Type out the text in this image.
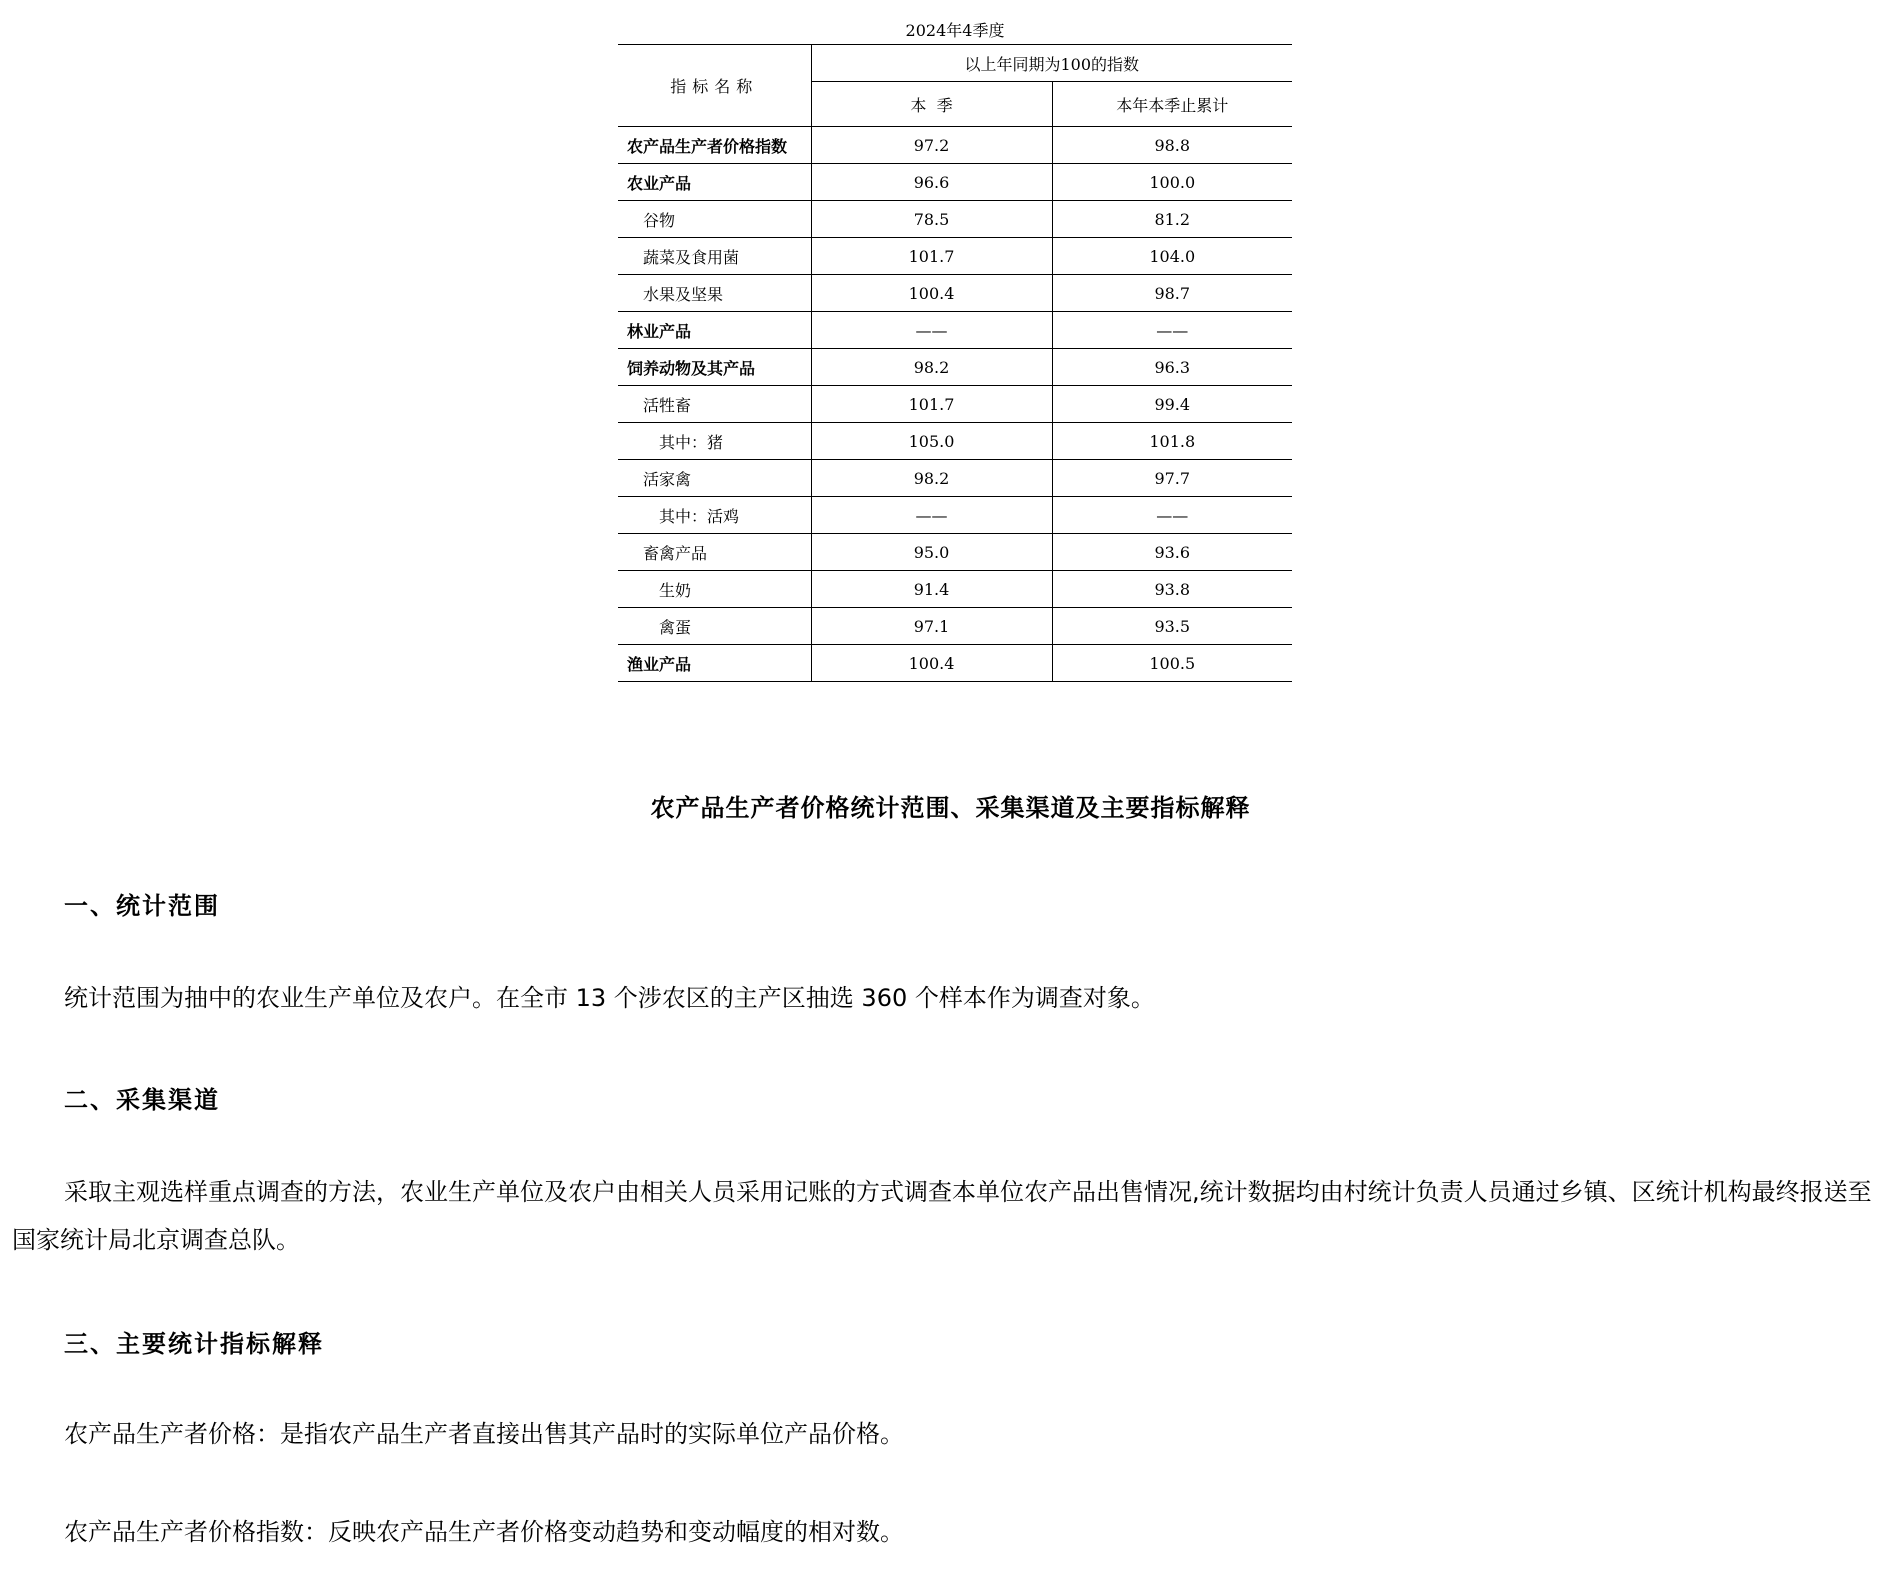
2024年4季度
指标名称	以上年同期为100的指数	
	本  季	本年本季止累计
农产品生产者价格指数	97.2	98.8
农业产品	96.6	100.0
谷物	78.5	81.2
蔬菜及食用菌	101.7	104.0
水果及坚果	100.4	98.7
林业产品	——	——
饲养动物及其产品	98.2	96.3
活牲畜	101.7	99.4
其中：猪	105.0	101.8
活家禽	98.2	97.7
其中：活鸡	——	——
畜禽产品	95.0	93.6
生奶	91.4	93.8
禽蛋	97.1	93.5
渔业产品	100.4	100.5
农产品生产者价格统计范围、采集渠道及主要指标解释
一、统计范围
统计范围为抽中的农业生产单位及农户。在全市 13 个涉农区的主产区抽选 360 个样本作为调查对象。
二、采集渠道
采取主观选样重点调查的方法，农业生产单位及农户由相关人员采用记账的方式调查本单位农产品出售情况,统计数据均由村统计负责人员通过乡镇、区统计机构最终报送至国家统计局北京调查总队。
三、主要统计指标解释
农产品生产者价格：是指农产品生产者直接出售其产品时的实际单位产品价格。
农产品生产者价格指数：反映农产品生产者价格变动趋势和变动幅度的相对数。
